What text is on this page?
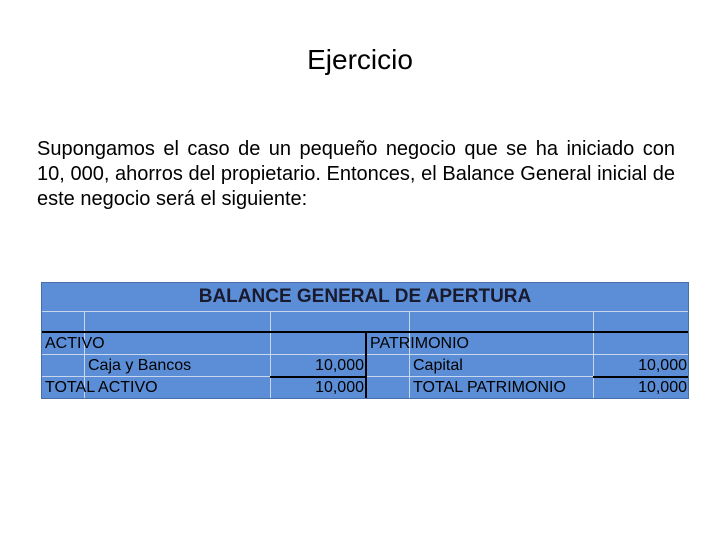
Ejercicio

Supongamos el caso de un pequeño negocio que se ha iniciado con 10, 000, ahorros del propietario. Entonces, el Balance General inicial de este negocio será el siguiente:

BALANCE GENERAL DE APERTURA
ACTIVO	PATRIMONIO
Caja y Bancos	10,000	Capital	10,000
TOTAL ACTIVO	10,000	TOTAL PATRIMONIO	10,000
